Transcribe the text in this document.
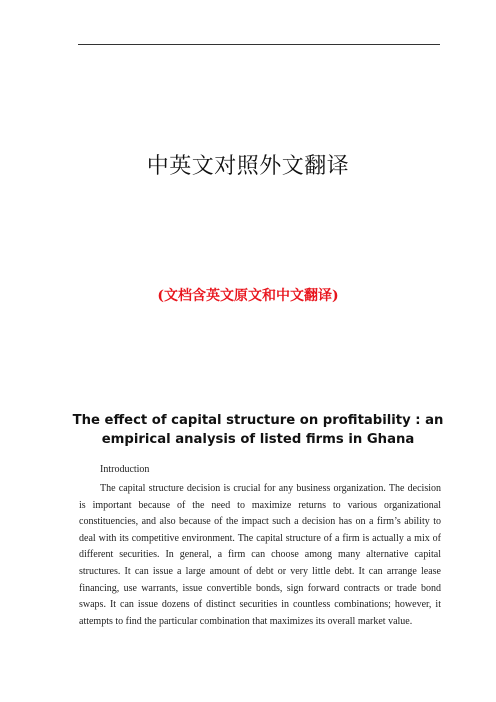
中英文对照外文翻译
(文档含英文原文和中文翻译)
The effect of capital structure on profitability : an empirical analysis of listed firms in Ghana
Introduction

The capital structure decision is crucial for any business organization. The decision is important because of the need to maximize returns to various organizational constituencies, and also because of the impact such a decision has on a firm’s ability to deal with its competitive environment. The capital structure of a firm is actually a mix of different securities. In general, a firm can choose among many alternative capital structures. It can issue a large amount of debt or very little debt. It can arrange lease financing, use warrants, issue convertible bonds, sign forward contracts or trade bond swaps. It can issue dozens of distinct securities in countless combinations; however, it attempts to find the particular combination that maximizes its overall market value.
